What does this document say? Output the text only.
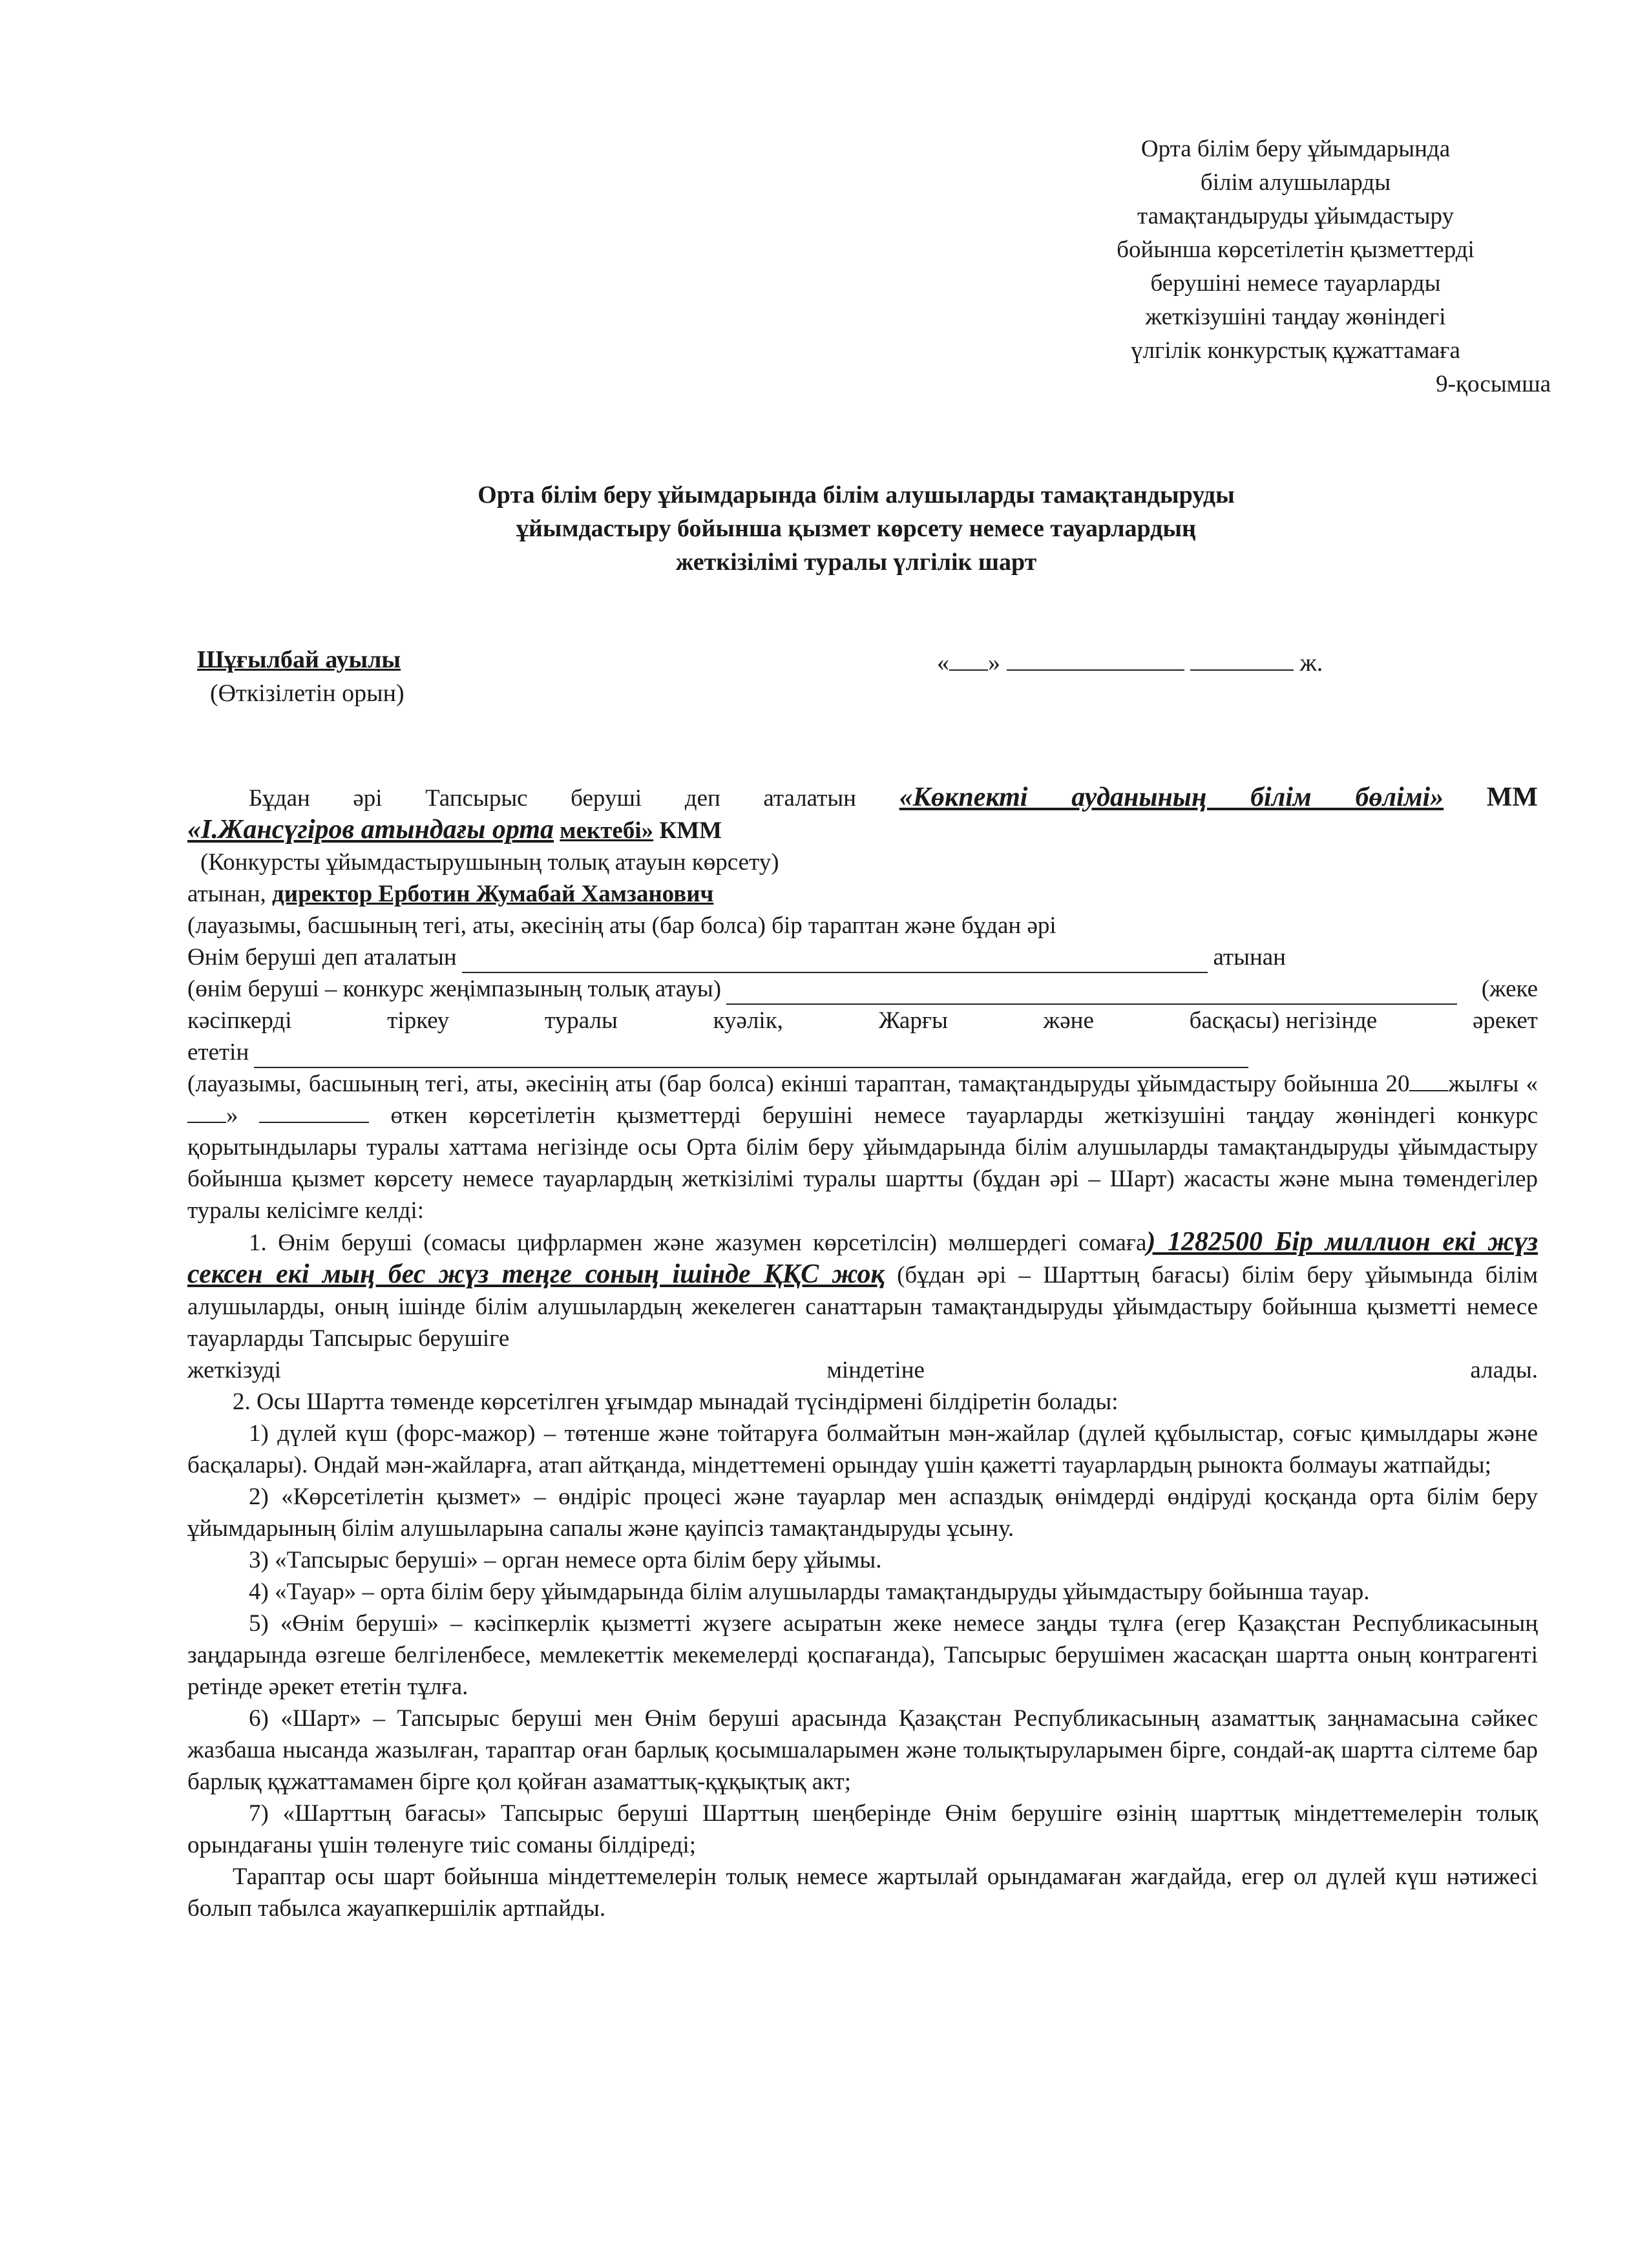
Орта білім беру ұйымдарында
білім алушыларды
тамақтандыруды ұйымдастыру
бойынша көрсетілетін қызметтерді
берушіні немесе тауарларды
жеткізушіні таңдау жөніндегі
үлгілік конкурстық құжаттамаға
9-қосымша
Орта білім беру ұйымдарында білім алушыларды тамақтандыруды
ұйымдастыру бойынша қызмет көрсету немесе тауарлардың
жеткізілімі туралы үлгілік шарт
Шұғылбай ауылы
(Өткізілетін орын)
« »	ж.

Бұдан әрі Тапсырыс беруші деп аталатын «Көкпекті ауданының білім бөлімі» ММ

«І.Жансүгіров атындағы орта мектебі» КММ

(Конкурсты ұйымдастырушының толық атауын көрсету)

атынан, директор Ерботин Жумабай Хамзанович

(лауазымы, басшының тегі, аты, әкесінің аты (бар болса) бір тараптан және бұдан әрі

Өнім беруші деп аталатын	атынан
(өнім беруші – конкурс жеңімпазының толық атауы)	(жеке
кәсіпкерді	тіркеу	туралы	куәлік,	Жарғы	және	басқасы) негізінде	әрекет
ететін

(лауазымы, басшының тегі, аты, әкесінің аты (бар болса) екінші тараптан, тамақтандыруды ұйымдастыру бойынша 20 жылғы «»	өткен көрсетілетін қызметтерді берушіні немесе тауарларды жеткізушіні таңдау жөніндегі конкурс қорытындылары туралы хаттама негізінде осы Орта білім беру ұйымдарында білім алушыларды тамақтандыруды ұйымдастыру бойынша қызмет көрсету немесе тауарлардың жеткізілімі туралы шартты (бұдан әрі – Шарт) жасасты және мына төмендегілер туралы келісімге келді:

1. Өнім беруші (сомасы цифрлармен және жазумен көрсетілсін) мөлшердегі сомаға) 1282500 Бір миллион екі жүз сексен екі мың бес жүз теңге соның ішінде ҚҚС жоқ (бұдан әрі – Шарттың бағасы) білім беру ұйымында білім алушыларды, оның ішінде білім алушылардың жекелеген санаттарын тамақтандыруды ұйымдастыру бойынша қызметті немесе тауарларды Тапсырыс берушіге

жеткізуді	міндетіне	алады.

2. Осы Шартта төменде көрсетілген ұғымдар мынадай түсіндірмені білдіретін болады:

1) дүлей күш (форс-мажор) – төтенше және тойтаруға болмайтын мән-жайлар (дүлей құбылыстар, соғыс қимылдары және басқалары). Ондай мән-жайларға, атап айтқанда, міндеттемені орындау үшін қажетті тауарлардың рынокта болмауы жатпайды;

2) «Көрсетілетін қызмет» – өндіріс процесі және тауарлар мен аспаздық өнімдерді өндіруді қосқанда орта білім беру ұйымдарының білім алушыларына сапалы және қауіпсіз тамақтандыруды ұсыну.

3) «Тапсырыс беруші» – орган немесе орта білім беру ұйымы.

4) «Тауар» – орта білім беру ұйымдарында білім алушыларды тамақтандыруды ұйымдастыру бойынша тауар.

5) «Өнім беруші» – кәсіпкерлік қызметті жүзеге асыратын жеке немесе заңды тұлға (егер Қазақстан Республикасының заңдарында өзгеше белгіленбесе, мемлекеттік мекемелерді қоспағанда), Тапсырыс берушімен жасасқан шартта оның контрагенті ретінде әрекет ететін тұлға.

6) «Шарт» – Тапсырыс беруші мен Өнім беруші арасында Қазақстан Республикасының азаматтық заңнамасына сәйкес жазбаша нысанда жазылған, тараптар оған барлық қосымшаларымен және толықтыруларымен бірге, сондай-ақ шартта сілтеме бар барлық құжаттамамен бірге қол қойған азаматтық-құқықтық акт;

7) «Шарттың бағасы» Тапсырыс беруші Шарттың шеңберінде Өнім берушіге өзінің шарттық міндеттемелерін толық орындағаны үшін төленуге тиіс соманы білдіреді;

Тараптар осы шарт бойынша міндеттемелерін толық немесе жартылай орындамаған жағдайда, егер ол дүлей күш нәтижесі болып табылса жауапкершілік артпайды.
